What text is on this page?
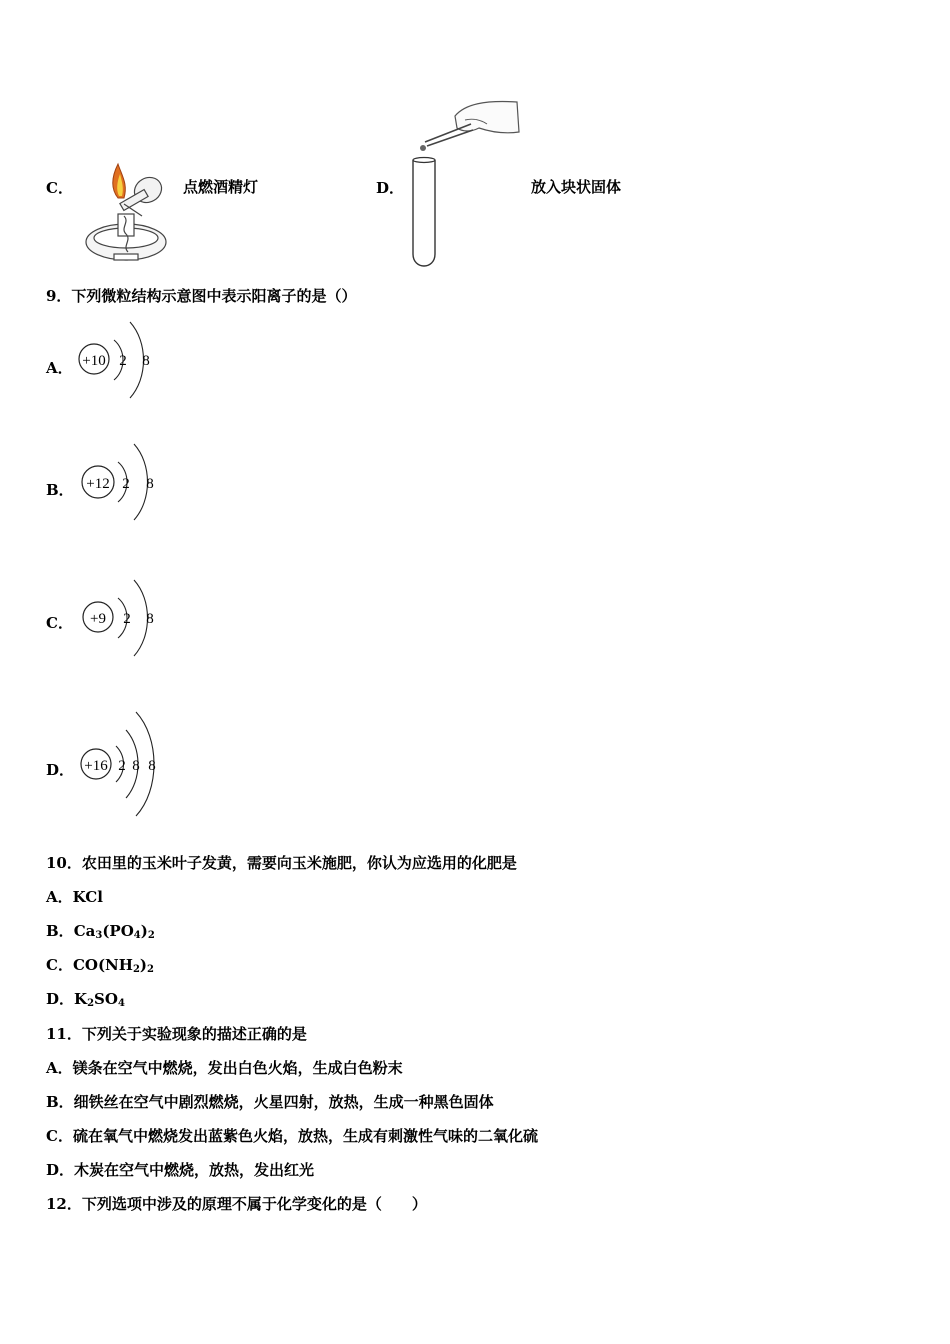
C．	点燃酒精灯	D．	放入块状固体
9．下列微粒结构示意图中表示阳离子的是（）
A． +10 2 8
B． +12 2 8
C． +9 2 8
D． +16 2 8 8
10．农田里的玉米叶子发黄，需要向玉米施肥，你认为应选用的化肥是
A．KCl
B．$Ca_3(PO_4)_2$
C．$CO(NH_2)_2$
D．$K_2SO_4$
11．下列关于实验现象的描述正确的是
A．镁条在空气中燃烧，发出白色火焰，生成白色粉末
B．细铁丝在空气中剧烈燃烧，火星四射，放热，生成一种黑色固体
C．硫在氧气中燃烧发出蓝紫色火焰，放热，生成有刺激性气味的二氧化硫
D．木炭在空气中燃烧，放热，发出红光
12．下列选项中涉及的原理不属于化学变化的是（　　）
